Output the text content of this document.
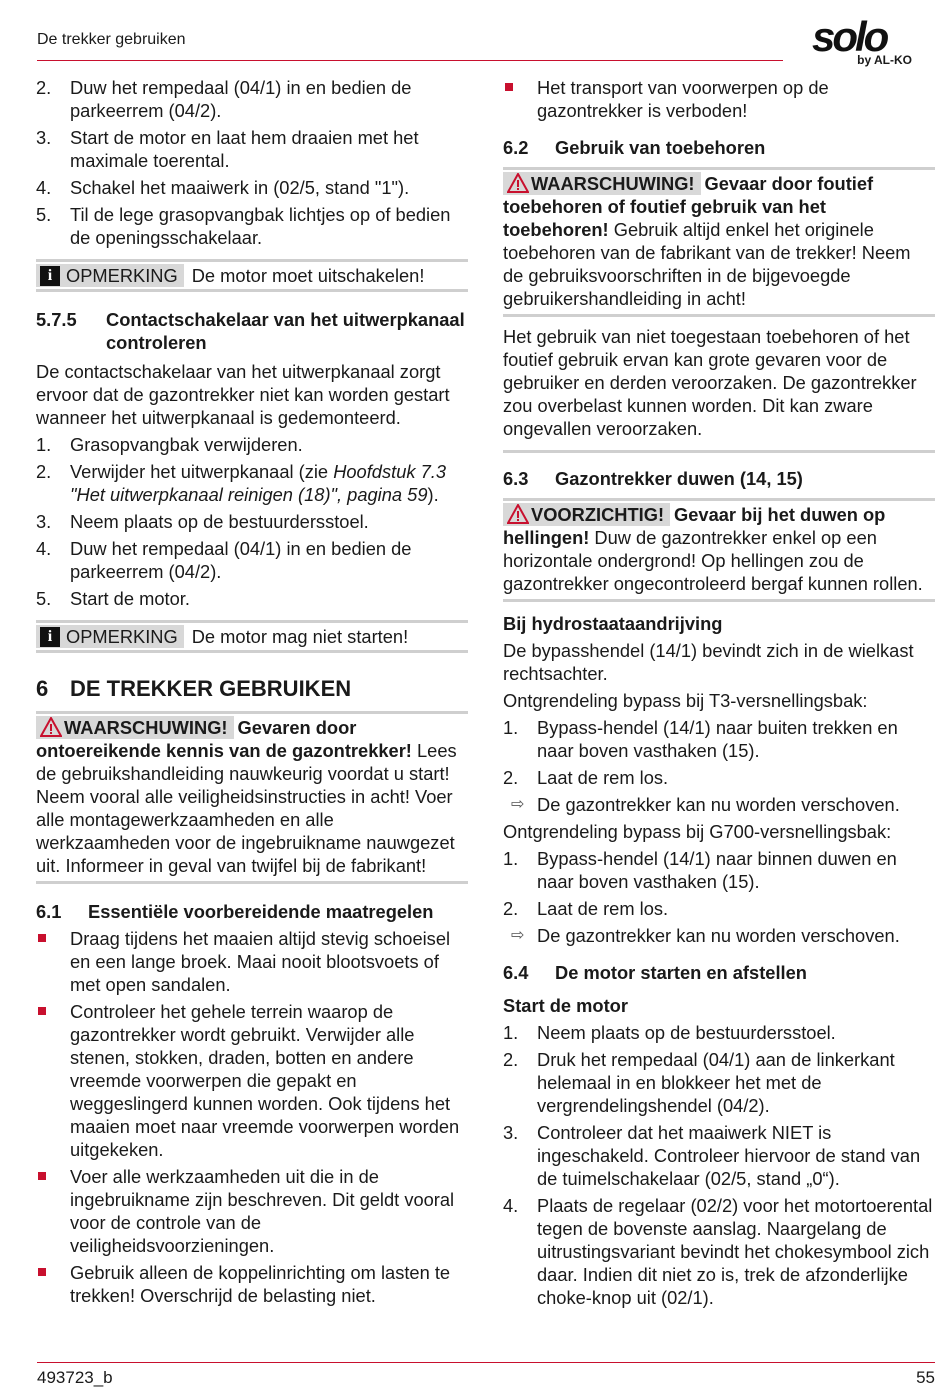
De trekker gebruiken	solo
by AL-KO
2.	Duw het rempedaal (04/1) in en bedien de parkeerrem (04/2).
3.	Start de motor en laat hem draaien met het maximale toerental.
4.	Schakel het maaiwerk in (02/5, stand "1").
5.	Til de lege grasopvangbak lichtjes op of bedien de openingsschakelaar.
i OPMERKING De motor moet uitschakelen!
5.7.5	Contactschakelaar van het uitwerpkanaal controleren

De contactschakelaar van het uitwerpkanaal zorgt ervoor dat de gazontrekker niet kan worden gestart wanneer het uitwerpkanaal is gedemonteerd.

1.	Grasopvangbak verwijderen.
2.	Verwijder het uitwerpkanaal (zie Hoofdstuk 7.3 "Het uitwerpkanaal reinigen (18)", pagina 59).
3.	Neem plaats op de bestuurdersstoel.
4.	Duw het rempedaal (04/1) in en bedien de parkeerrem (04/2).
5.	Start de motor.
i OPMERKING De motor mag niet starten!
6 DE TREKKER GEBRUIKEN
WAARSCHUWING! Gevaren door ontoereikende kennis van de gazontrekker! Lees de gebruikshandleiding nauwkeurig voordat u start! Neem vooral alle veiligheidsinstructies in acht! Voer alle montagewerkzaamheden en alle werkzaamheden voor de ingebruikname nauwgezet uit. Informeer in geval van twijfel bij de fabrikant!
6.1	Essentiële voorbereidende maatregelen
Draag tijdens het maaien altijd stevig schoeisel en een lange broek. Maai nooit blootsvoets of met open sandalen.
Controleer het gehele terrein waarop de gazontrekker wordt gebruikt. Verwijder alle stenen, stokken, draden, botten en andere vreemde voorwerpen die gepakt en weggeslingerd kunnen worden. Ook tijdens het maaien moet naar vreemde voorwerpen worden uitgekeken.
Voer alle werkzaamheden uit die in de ingebruikname zijn beschreven. Dit geldt vooral voor de controle van de veiligheidsvoorzieningen.
Gebruik alleen de koppelinrichting om lasten te trekken! Overschrijd de belasting niet.
Het transport van voorwerpen op de gazontrekker is verboden!
6.2	Gebruik van toebehoren
WAARSCHUWING! Gevaar door foutief toebehoren of foutief gebruik van het toebehoren! Gebruik altijd enkel het originele toebehoren van de fabrikant van de trekker! Neem de gebruiksvoorschriften in de bijgevoegde gebruikershandleiding in acht!

Het gebruik van niet toegestaan toebehoren of het foutief gebruik ervan kan grote gevaren voor de gebruiker en derden veroorzaken. De gazontrekker zou overbelast kunnen worden. Dit kan zware ongevallen veroorzaken.

6.3	Gazontrekker duwen (14, 15)
VOORZICHTIG! Gevaar bij het duwen op hellingen! Duw de gazontrekker enkel op een horizontale ondergrond! Op hellingen zou de gazontrekker ongecontroleerd bergaf kunnen rollen.
Bij hydrostaataandrijving

De bypasshendel (14/1) bevindt zich in de wielkast rechtsachter.

Ontgrendeling bypass bij T3-versnellingsbak:

1.	Bypass-hendel (14/1) naar buiten trekken en naar boven vasthaken (15).
2.	Laat de rem los.
⇨ De gazontrekker kan nu worden verschoven.

Ontgrendeling bypass bij G700-versnellingsbak:

1.	Bypass-hendel (14/1) naar binnen duwen en naar boven vasthaken (15).
2.	Laat de rem los.
⇨ De gazontrekker kan nu worden verschoven.
6.4	De motor starten en afstellen
Start de motor
1.	Neem plaats op de bestuurdersstoel.
2.	Druk het rempedaal (04/1) aan de linkerkant helemaal in en blokkeer het met de vergrendelingshendel (04/2).
3.	Controleer dat het maaiwerk NIET is ingeschakeld. Controleer hiervoor de stand van de tuimelschakelaar (02/5, stand „0“).
4.	Plaats de regelaar (02/2) voor het motortoerental tegen de bovenste aanslag. Naargelang de uitrustingsvariant bevindt het chokesymbool zich daar. Indien dit niet zo is, trek de afzonderlijke choke-knop uit (02/1).
493723_b	55
